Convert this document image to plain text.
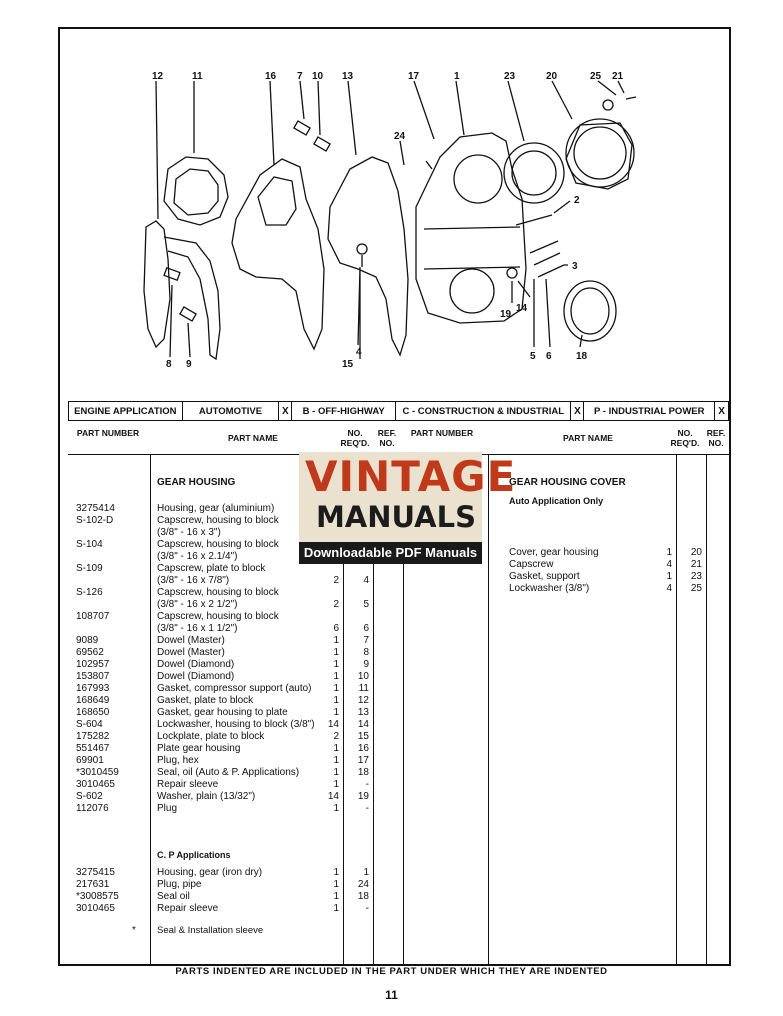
12	11	16 7 10 13	17	1	23	20	25 21
24
2
3
14
19
5 6 18
8 9	15
4
ENGINE APPLICATION	AUTOMOTIVE	X	B - OFF-HIGHWAY	C - CONSTRUCTION & INDUSTRIAL	X	P - INDUSTRIAL POWER	X
PART NUMBER	PART NAME	NO. REQ'D.
REF. NO.
PART NUMBER	PART NAME	NO. REQ'D.
REF. NO.
GEAR HOUSING
3275414	Housing, gear (aluminium)
S-102-D	Capscrew, housing to block
(3/8" - 16 x 3")
S-104	Capscrew, housing to block
(3/8" - 16 x 2.1/4")
S-109	Capscrew, plate to block
(3/8" - 16 x 7/8")	2	4
S-126	Capscrew, housing to block
(3/8" - 16 x 2 1/2")	2	5
108707	Capscrew, housing to block
(3/8" - 16 x 1 1/2")	6	6
9089	Dowel (Master)	1	7
69562	Dowel (Master)	1	8
102957	Dowel (Diamond)	1	9
153807	Dowel (Diamond)	1	10
167993	Gasket, compressor support (auto)	1	11
168649	Gasket, plate to block	1	12
168650	Gasket, gear housing to plate	1	13
S-604	Lockwasher, housing to block (3/8")	14	14
175282	Lockplate, plate to block	2	15
551467	Plate gear housing	1	16
69901	Plug, hex	1	17
*3010459	Seal, oil (Auto & P. Applications)	1	18
3010465	Repair sleeve	1	-
S-602	Washer, plain (13/32")	14	19
112076	Plug	1	-
C. P Applications
3275415	Housing, gear (iron dry)	1	1
217631	Plug, pipe	1	24
*3008575	Seal oil	1	18
3010465	Repair sleeve	1	-
* Seal & Installation sleeve
GEAR HOUSING COVER
Auto Application Only
Cover, gear housing	1	20
Capscrew	4	21
Gasket, support	1	23
Lockwasher (3/8")	4	25
VINTAGE
MANUALS
Downloadable PDF Manuals
PARTS INDENTED ARE INCLUDED IN THE PART UNDER WHICH THEY ARE INDENTED
11
